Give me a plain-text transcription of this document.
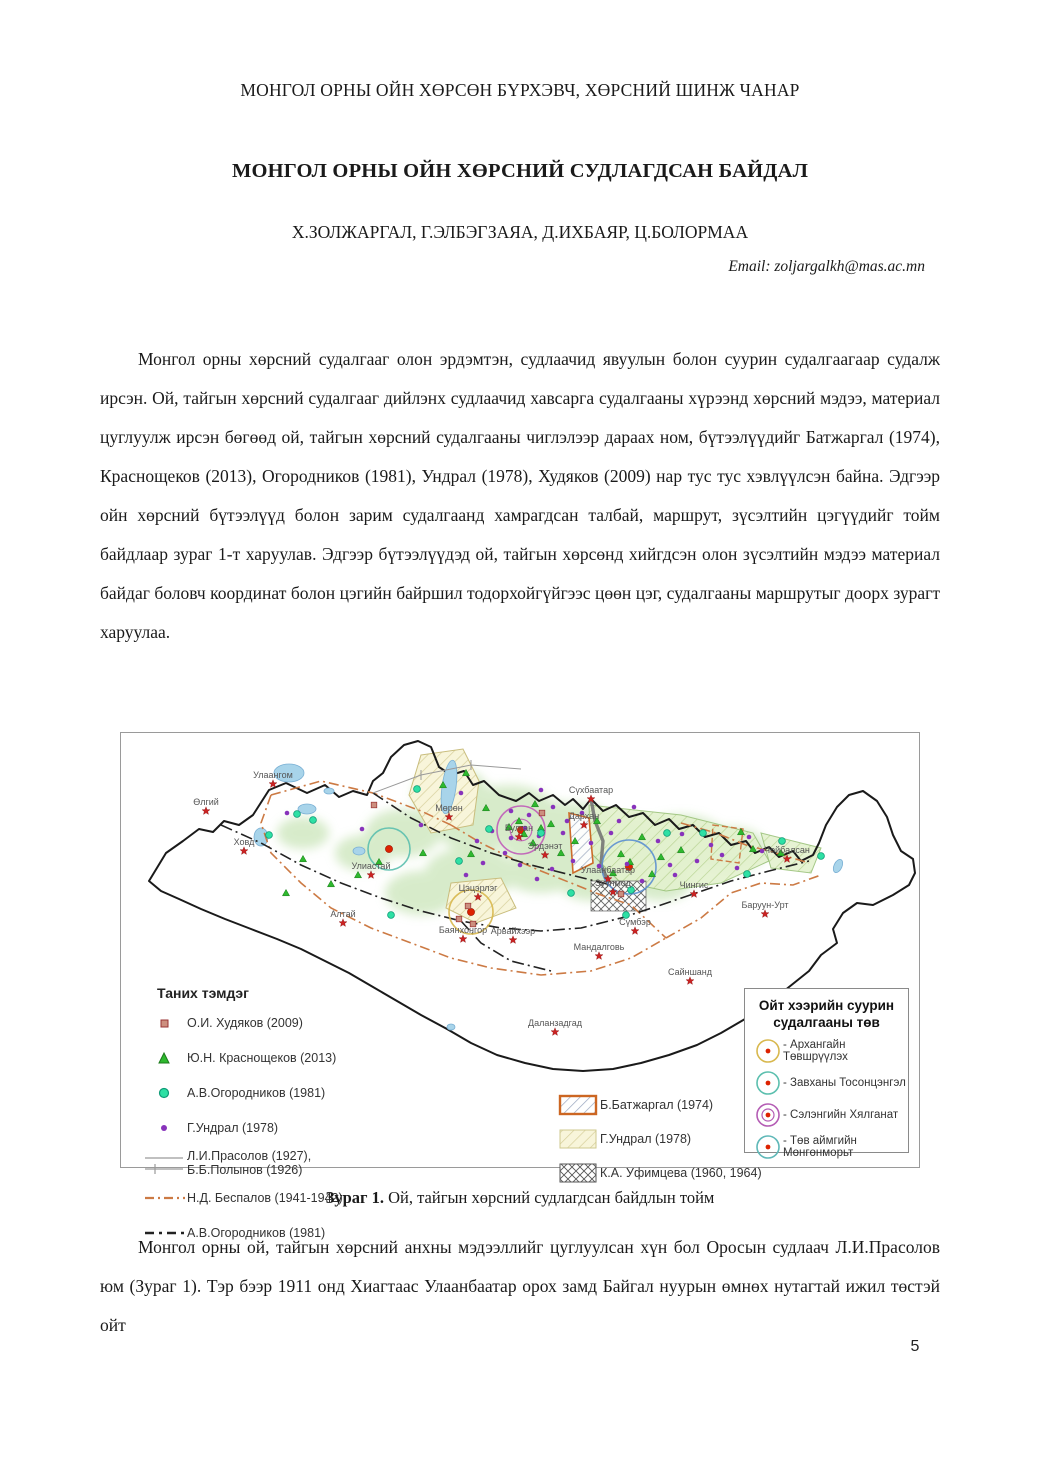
МОНГОЛ ОРНЫ ОЙН ХӨРСӨН БҮРХЭВЧ, ХӨРСНИЙ ШИНЖ ЧАНАР
МОНГОЛ ОРНЫ ОЙН ХӨРСНИЙ СУДЛАГДСАН БАЙДАЛ
Х.ЗОЛЖАРГАЛ, Г.ЭЛБЭГЗАЯА, Д.ИХБАЯР, Ц.БОЛОРМАА
Email: zoljargalkh@mas.ac.mn
Монгол орны хөрсний судалгааг олон эрдэмтэн, судлаачид явуулын болон суурин судалгаагаар судалж ирсэн. Ой, тайгын хөрсний судалгааг дийлэнх судлаачид хавсарга судалгааны хүрээнд хөрсний мэдээ, материал цуглуулж ирсэн бөгөөд ой, тайгын хөрсний судалгааны чиглэлээр дараах ном, бүтээлүүдийг Батжаргал (1974), Краснощеков (2013), Огородников (1981), Ундрал (1978), Худяков (2009) нар тус тус хэвлүүлсэн байна. Эдгээр ойн хөрсний бүтээлүүд болон зарим судалгаанд хамрагдсан талбай, маршрут, зүсэлтийн цэгүүдийг тойм байдлаар зураг 1-т харуулав. Эдгээр бүтээлүүдэд ой, тайгын хөрсөнд хийгдсэн олон зүсэлтийн мэдээ материал байдаг боловч координат болон цэгийн байршил тодорхойгүйгээс цөөн цэг, судалгааны маршрутыг доорх зурагт харуулаа.
Улаангом
Өлгий
Ховд
Улиастай
Алтай
Мөрөн
Сүхбаатар
Дархан
Булган
Эрдэнэт
Цэцэрлэг
Улаанбаатар
Зуунмод
Баянхонгор Арвайхээр
Мандалговь
Сүмбэр
Чингис
Баруун-Урт
Сайншанд
Даланзадгад
Чойбалсан
Таних тэмдэг
О.И. Худяков (2009)
Ю.Н. Краснощеков (2013)
А.В.Огородников (1981)
Г.Ундрал (1978)
Л.И.Прасолов (1927),
Б.Б.Полынов (1926)
Н.Д. Беспалов (1941-1942)
А.В.Огородников (1981)
Б.Батжаргал (1974)
Г.Ундрал (1978)
К.А. Уфимцева (1960, 1964)
Ойт хээрийн суурин
судалгааны төв
- Архангайн Төвшрүүлэх
- Завханы Тосонцэнгэл
- Сэлэнгийн Хялганат
- Төв аймгийн Мөнгөнморьт
Зураг 1. Ой, тайгын хөрсний судлагдсан байдлын тойм
Монгол орны ой, тайгын хөрсний анхны мэдээллийг цуглуулсан хүн бол Оросын судлаач Л.И.Прасолов юм (Зураг 1). Тэр бээр 1911 онд Хиагтаас Улаанбаатар орох замд Байгал нуурын өмнөх нутагтай ижил төстэй ойт
5
